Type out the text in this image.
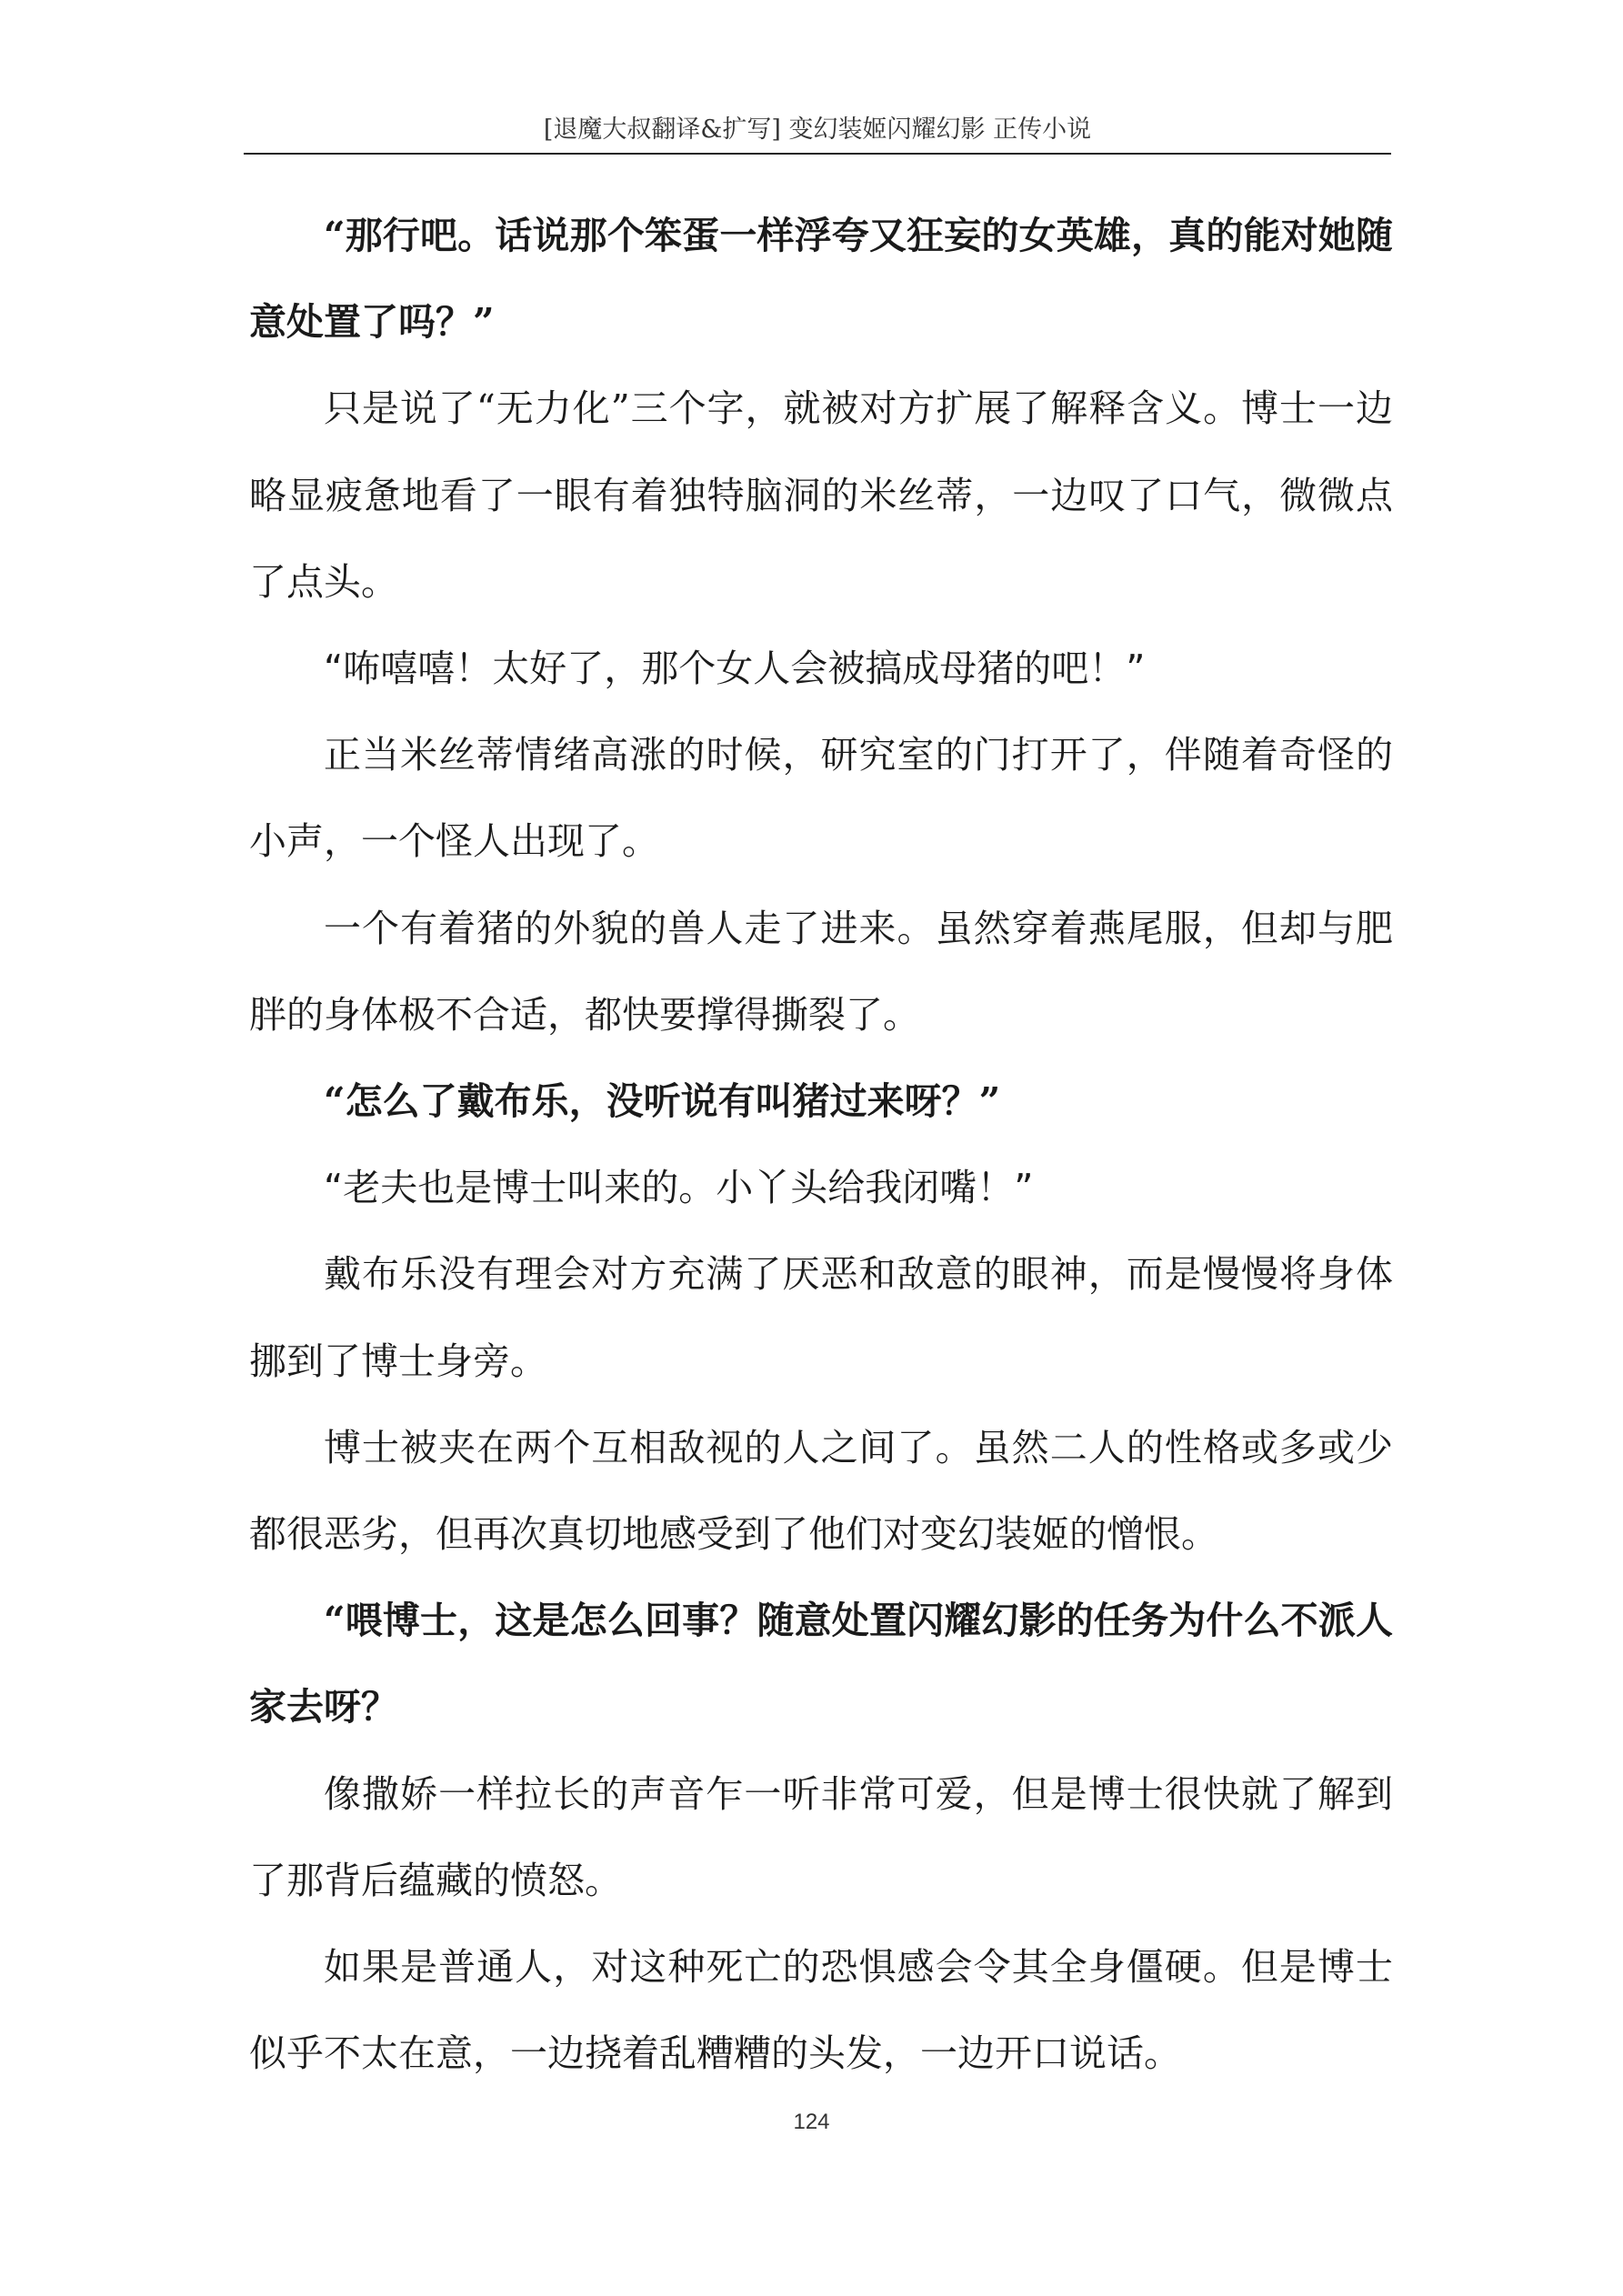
[退魔大叔翻译&扩写] 变幻装姬闪耀幻影 正传小说

“那行吧。话说那个笨蛋一样浮夸又狂妄的女英雄，真的能对她随意处置了吗？”

只是说了“无力化”三个字，就被对方扩展了解释含义。博士一边略显疲惫地看了一眼有着独特脑洞的米丝蒂，一边叹了口气，微微点了点头。

“咘嘻嘻！太好了，那个女人会被搞成母猪的吧！”

正当米丝蒂情绪高涨的时候，研究室的门打开了，伴随着奇怪的小声，一个怪人出现了。

一个有着猪的外貌的兽人走了进来。虽然穿着燕尾服，但却与肥胖的身体极不合适，都快要撑得撕裂了。

“怎么了戴布乐，没听说有叫猪过来呀？”

“老夫也是博士叫来的。小丫头给我闭嘴！”

戴布乐没有理会对方充满了厌恶和敌意的眼神，而是慢慢将身体挪到了博士身旁。

博士被夹在两个互相敌视的人之间了。虽然二人的性格或多或少都很恶劣，但再次真切地感受到了他们对变幻装姬的憎恨。

“喂博士，这是怎么回事？随意处置闪耀幻影的任务为什么不派人家去呀？

像撒娇一样拉长的声音乍一听非常可爱，但是博士很快就了解到了那背后蕴藏的愤怒。

如果是普通人，对这种死亡的恐惧感会令其全身僵硬。但是博士似乎不太在意，一边挠着乱糟糟的头发，一边开口说话。

124
